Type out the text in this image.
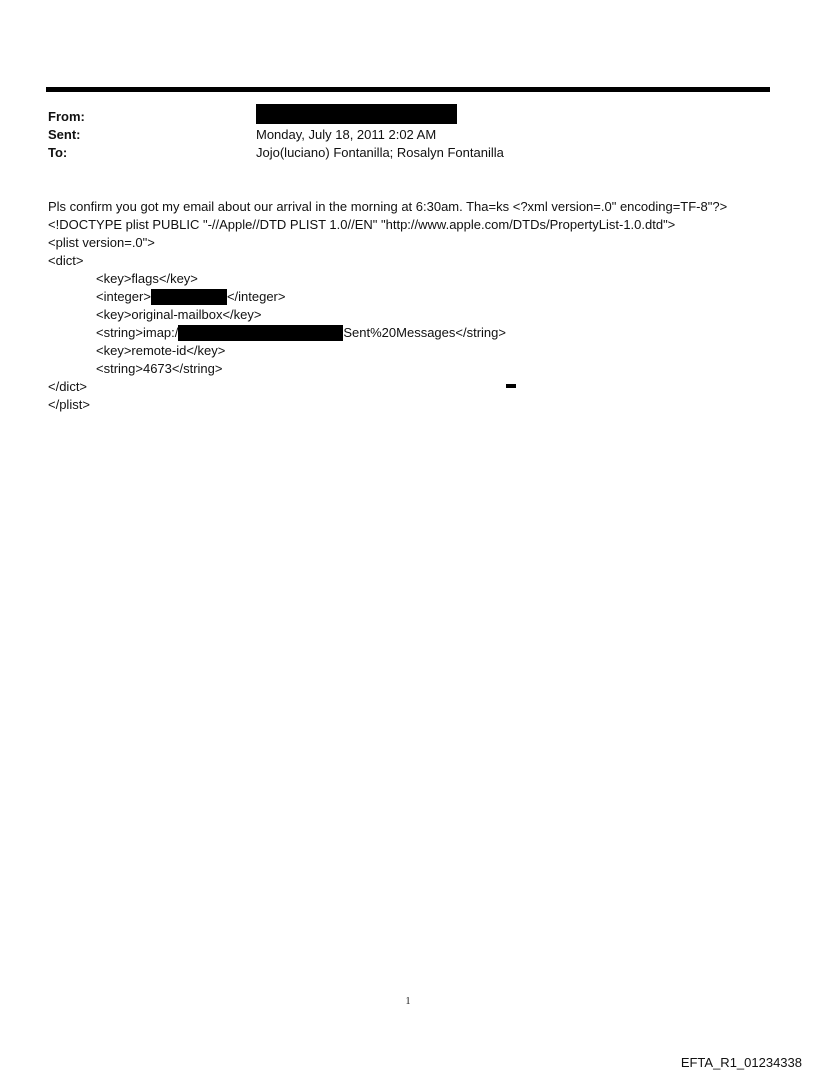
From:
Sent:	Monday, July 18, 2011 2:02 AM
To:	Jojo(luciano) Fontanilla; Rosalyn Fontanilla
Pls confirm you got my email about our arrival in the morning at 6:30am. Tha=ks <?xml version=.0" encoding=TF-8"?>
<!DOCTYPE plist PUBLIC "-//Apple//DTD PLIST 1.0//EN" "http://www.apple.com/DTDs/PropertyList-1.0.dtd">
<plist version=.0">
<dict>
<key>flags</key>
<integer>	</integer>
<key>original-mailbox</key>
<string>imap:/	Sent%20Messages</string>
<key>remote-id</key>
<string>4673</string>
</dict>
</plist>
1
EFTA_R1_01234338
